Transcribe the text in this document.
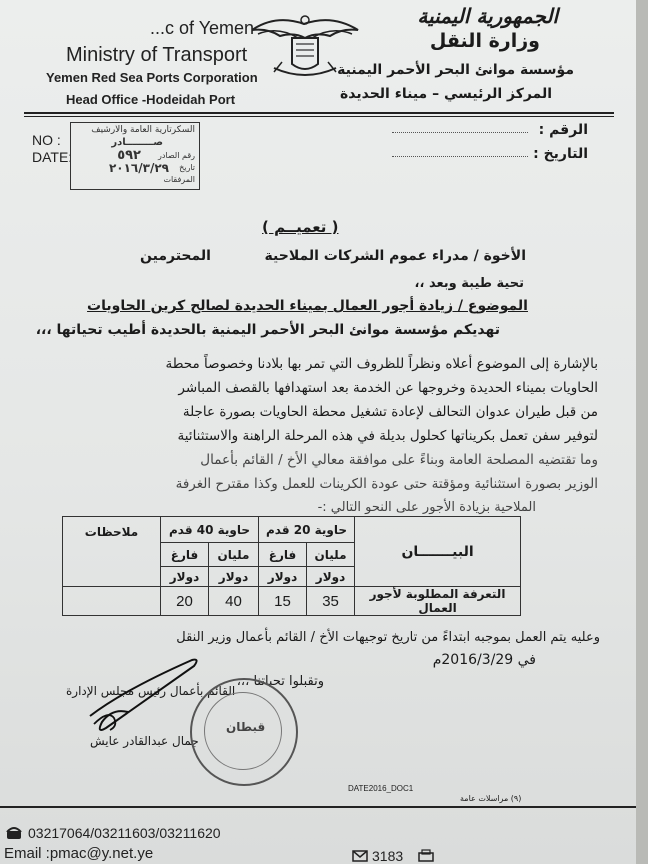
...c of Yemen
Ministry of Transport
Yemen Red Sea Ports Corporation
Head Office -Hodeidah Port
الجمهورية اليمنية
وزارة النقل
مؤسسة موانئ البحر الأحمر اليمنية
المركز الرئيسي – ميناء الحديدة
NO :
DATE:
الرقم :
التاريخ :
السكرتارية العامة والارشيف
صــــــــادر
رقم الصادر
٥٩٢
تاريخ
٢٠١٦/٣/٢٩
المرفقات
( تعميــم )
الأخوة / مدراء عموم الشركات الملاحية
المحترمين
تحية طيبة وبعد ،،
الموضوع / زيادة أجور العمال بميناء الحديدة لصالح كرين الحاويات
تهديكم مؤسسة موانئ البحر الأحمر اليمنية بالحديدة أطيب تحياتها ،،،
بالإشارة إلى الموضوع أعلاه ونظراً للظروف التي تمر بها بلادنا وخصوصاً محطة
الحاويات بميناء الحديدة وخروجها عن الخدمة بعد استهدافها بالقصف المباشر
من قبل طيران عدوان التحالف لإعادة تشغيل محطة الحاويات بصورة عاجلة
لتوفير سفن تعمل بكريناتها كحلول بديلة في هذه المرحلة الراهنة والاستثنائية
وما تقتضيه المصلحة العامة وبناءً على موافقة معالي الأخ / القائم بأعمال
الوزير بصورة استثنائية ومؤقتة حتى عودة الكرينات للعمل وكذا مقترح الغرفة
الملاحية بزيادة الأجور على النحو التالي :-
البيـــــــان	حاوية 20 قدم		حاوية 40 قدم		ملاحظات
	مليان	فارغ	مليان	فارغ	
	دولار	دولار	دولار	دولار	
التعرفة المطلوبة لأجور العمال	35	15	40	20	
وعليه يتم العمل بموجبه ابتداءً من تاريخ توجيهات الأخ / القائم بأعمال وزير النقل
في 2016/3/29م
وتقبلوا تحياتنا ،،،
القائم بأعمال رئيس مجلس الإدارة
جمال عبدالقادر عايش
قبطان
DATE2016_DOC1
(٩) مراسلات عامة
03217064/03211603/03211620
Email :pmac@y.net.ye	3183
